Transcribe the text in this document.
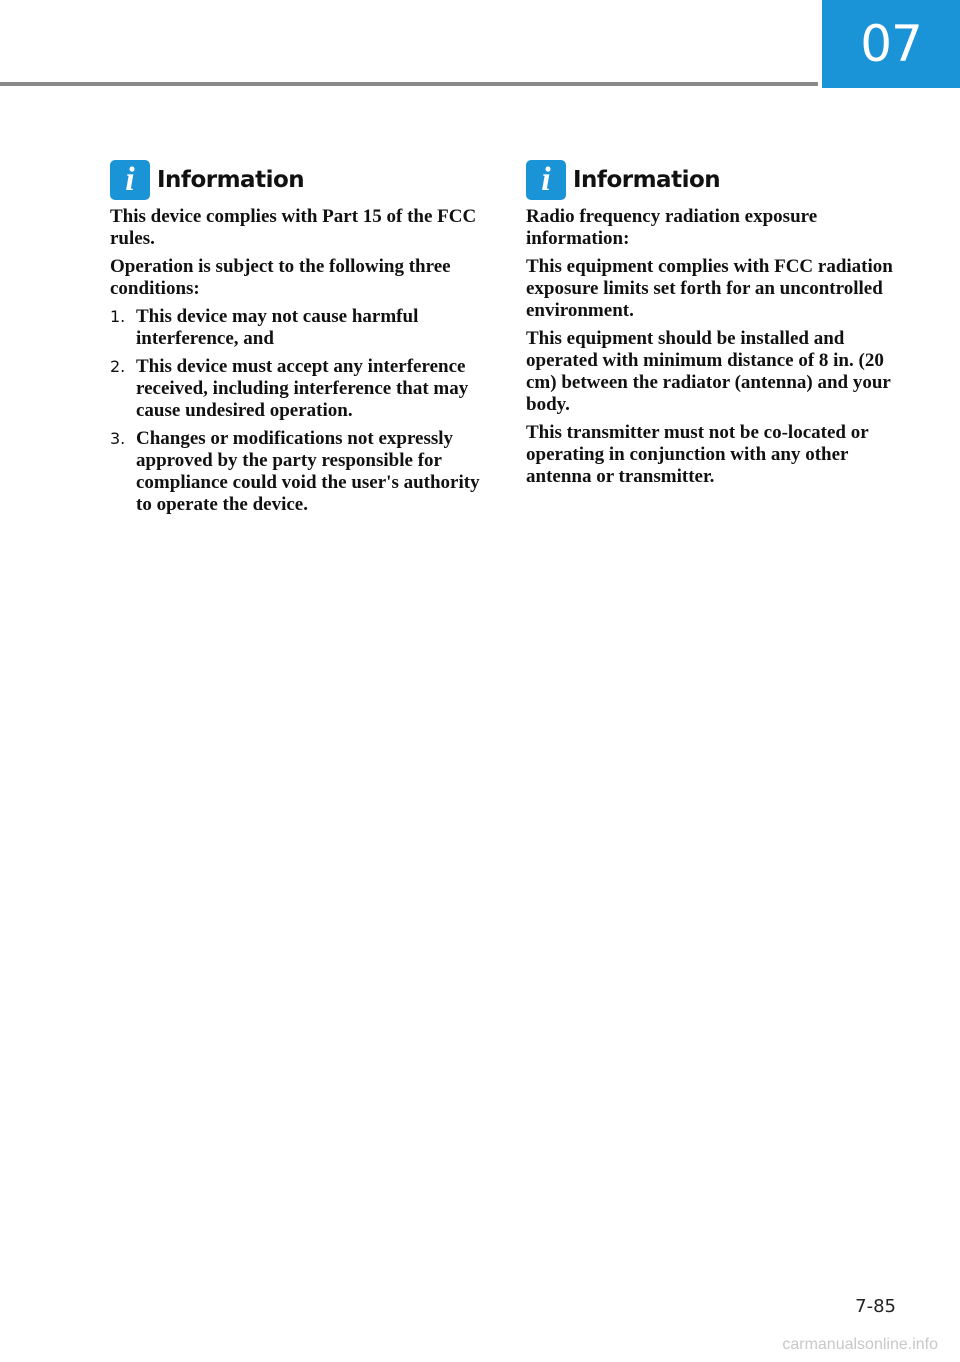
07
i Information

This device complies with Part 15 of the FCC rules.

Operation is subject to the following three conditions:

1. This device may not cause harmful interference, and
2. This device must accept any interference received, including interference that may cause undesired operation.
3. Changes or modifications not expressly approved by the party responsible for compliance could void the user's authority to operate the device.
i Information

Radio frequency radiation exposure information:

This equipment complies with FCC radiation exposure limits set forth for an uncontrolled environment.

This equipment should be installed and operated with minimum distance of 8 in. (20 cm) between the radiator (antenna) and your body.

This transmitter must not be co-located or operating in conjunction with any other antenna or transmitter.

7-85
carmanualsonline.info
